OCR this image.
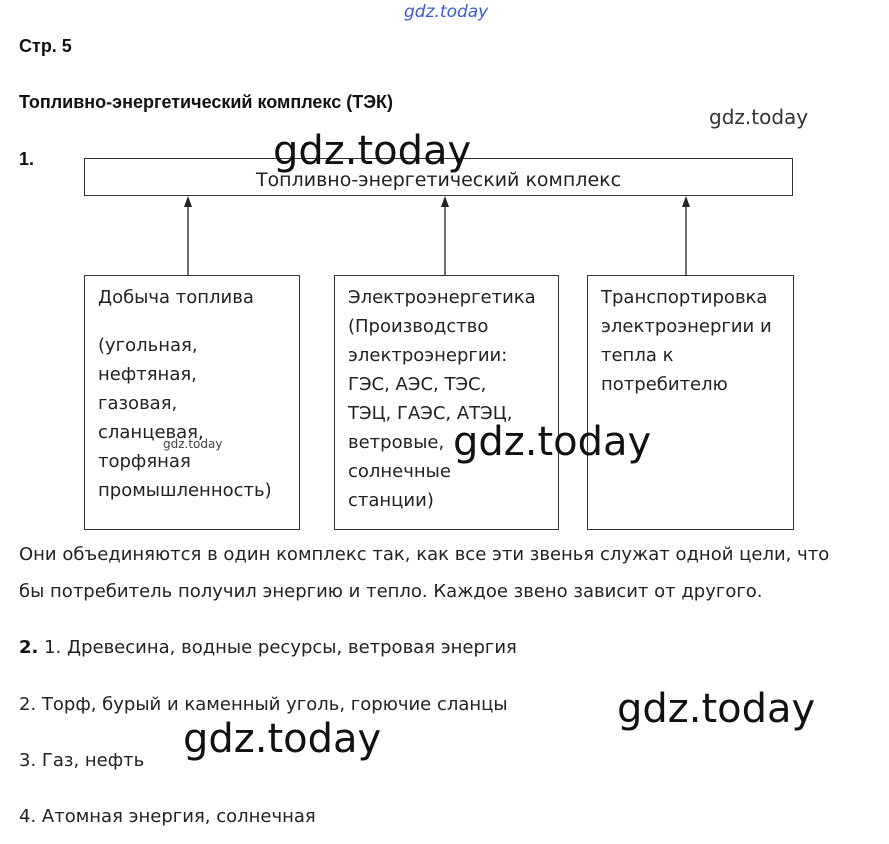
gdz.today
gdz.today
Стр. 5
Топливно-энергетический комплекс (ТЭК)
1.
Топливно-энергетический комплекс
gdz.today
Добыча топлива
(угольная,
нефтяная,
газовая,
сланцевая,
торфяная
промышленность)
gdz.today
Электроэнергетика
(Производство
электроэнергии:
ГЭС, АЭС, ТЭС,
ТЭЦ, ГАЭС, АТЭЦ,
ветровые,
солнечные
станции)
Транспортировка
электроэнергии и
тепла к
потребителю
gdz.today
Они объединяются в один комплекс так, как все эти звенья служат одной цели, что
бы потребитель получил энергию и тепло. Каждое звено зависит от другого.
2. 1. Древесина, водные ресурсы, ветровая энергия
2. Торф, бурый и каменный уголь, горючие сланцы
3. Газ, нефть
4. Атомная энергия, солнечная
gdz.today
gdz.today
